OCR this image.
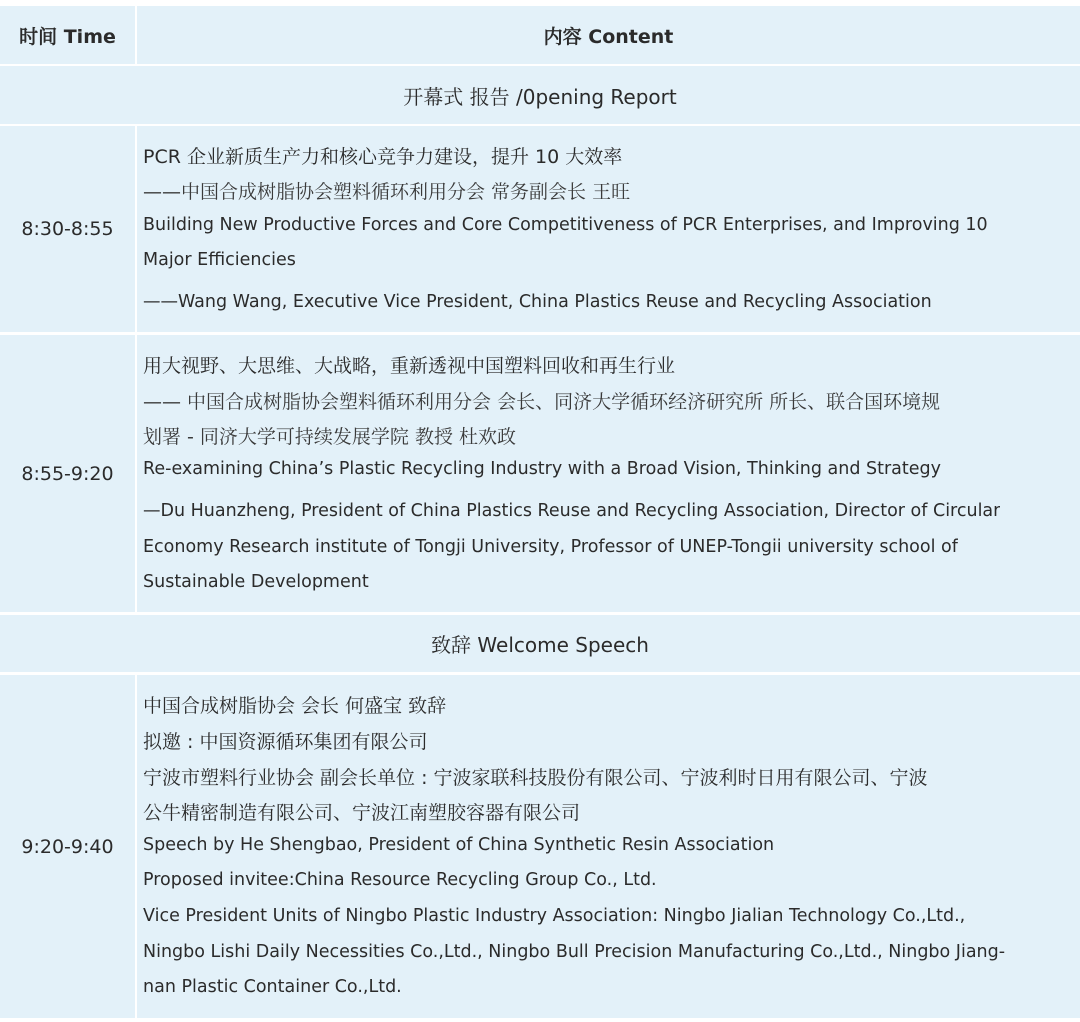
时间 Time	内容 Content
开幕式 报告 /0pening Report
8:30-8:55
PCR 企业新质生产力和核心竞争力建设，提升 10 大效率
——中国合成树脂协会塑料循环利用分会 常务副会长 王旺
Building New Productive Forces and Core Competitiveness of PCR Enterprises, and Improving 10
Major Efficiencies
——Wang Wang, Executive Vice President, China Plastics Reuse and Recycling Association
8:55-9:20
用大视野、大思维、大战略，重新透视中国塑料回收和再生行业
—— 中国合成树脂协会塑料循环利用分会 会长、同济大学循环经济研究所 所长、联合国环境规
划署 - 同济大学可持续发展学院 教授 杜欢政
Re-examining China’s Plastic Recycling Industry with a Broad Vision, Thinking and Strategy
—Du Huanzheng, President of China Plastics Reuse and Recycling Association, Director of Circular
Economy Research institute of Tongji University, Professor of UNEP-Tongii university school of
Sustainable Development
致辞 Welcome Speech
9:20-9:40
中国合成树脂协会 会长 何盛宝 致辞
拟邀 : 中国资源循环集团有限公司
宁波市塑料行业协会 副会长单位 : 宁波家联科技股份有限公司、宁波利时日用有限公司、宁波
公牛精密制造有限公司、宁波江南塑胶容器有限公司
Speech by He Shengbao, President of China Synthetic Resin Association
Proposed invitee:China Resource Recycling Group Co., Ltd.
Vice President Units of Ningbo Plastic Industry Association: Ningbo Jialian Technology Co.,Ltd.,
Ningbo Lishi Daily Necessities Co.,Ltd., Ningbo Bull Precision Manufacturing Co.,Ltd., Ningbo Jiang-
nan Plastic Container Co.,Ltd.
